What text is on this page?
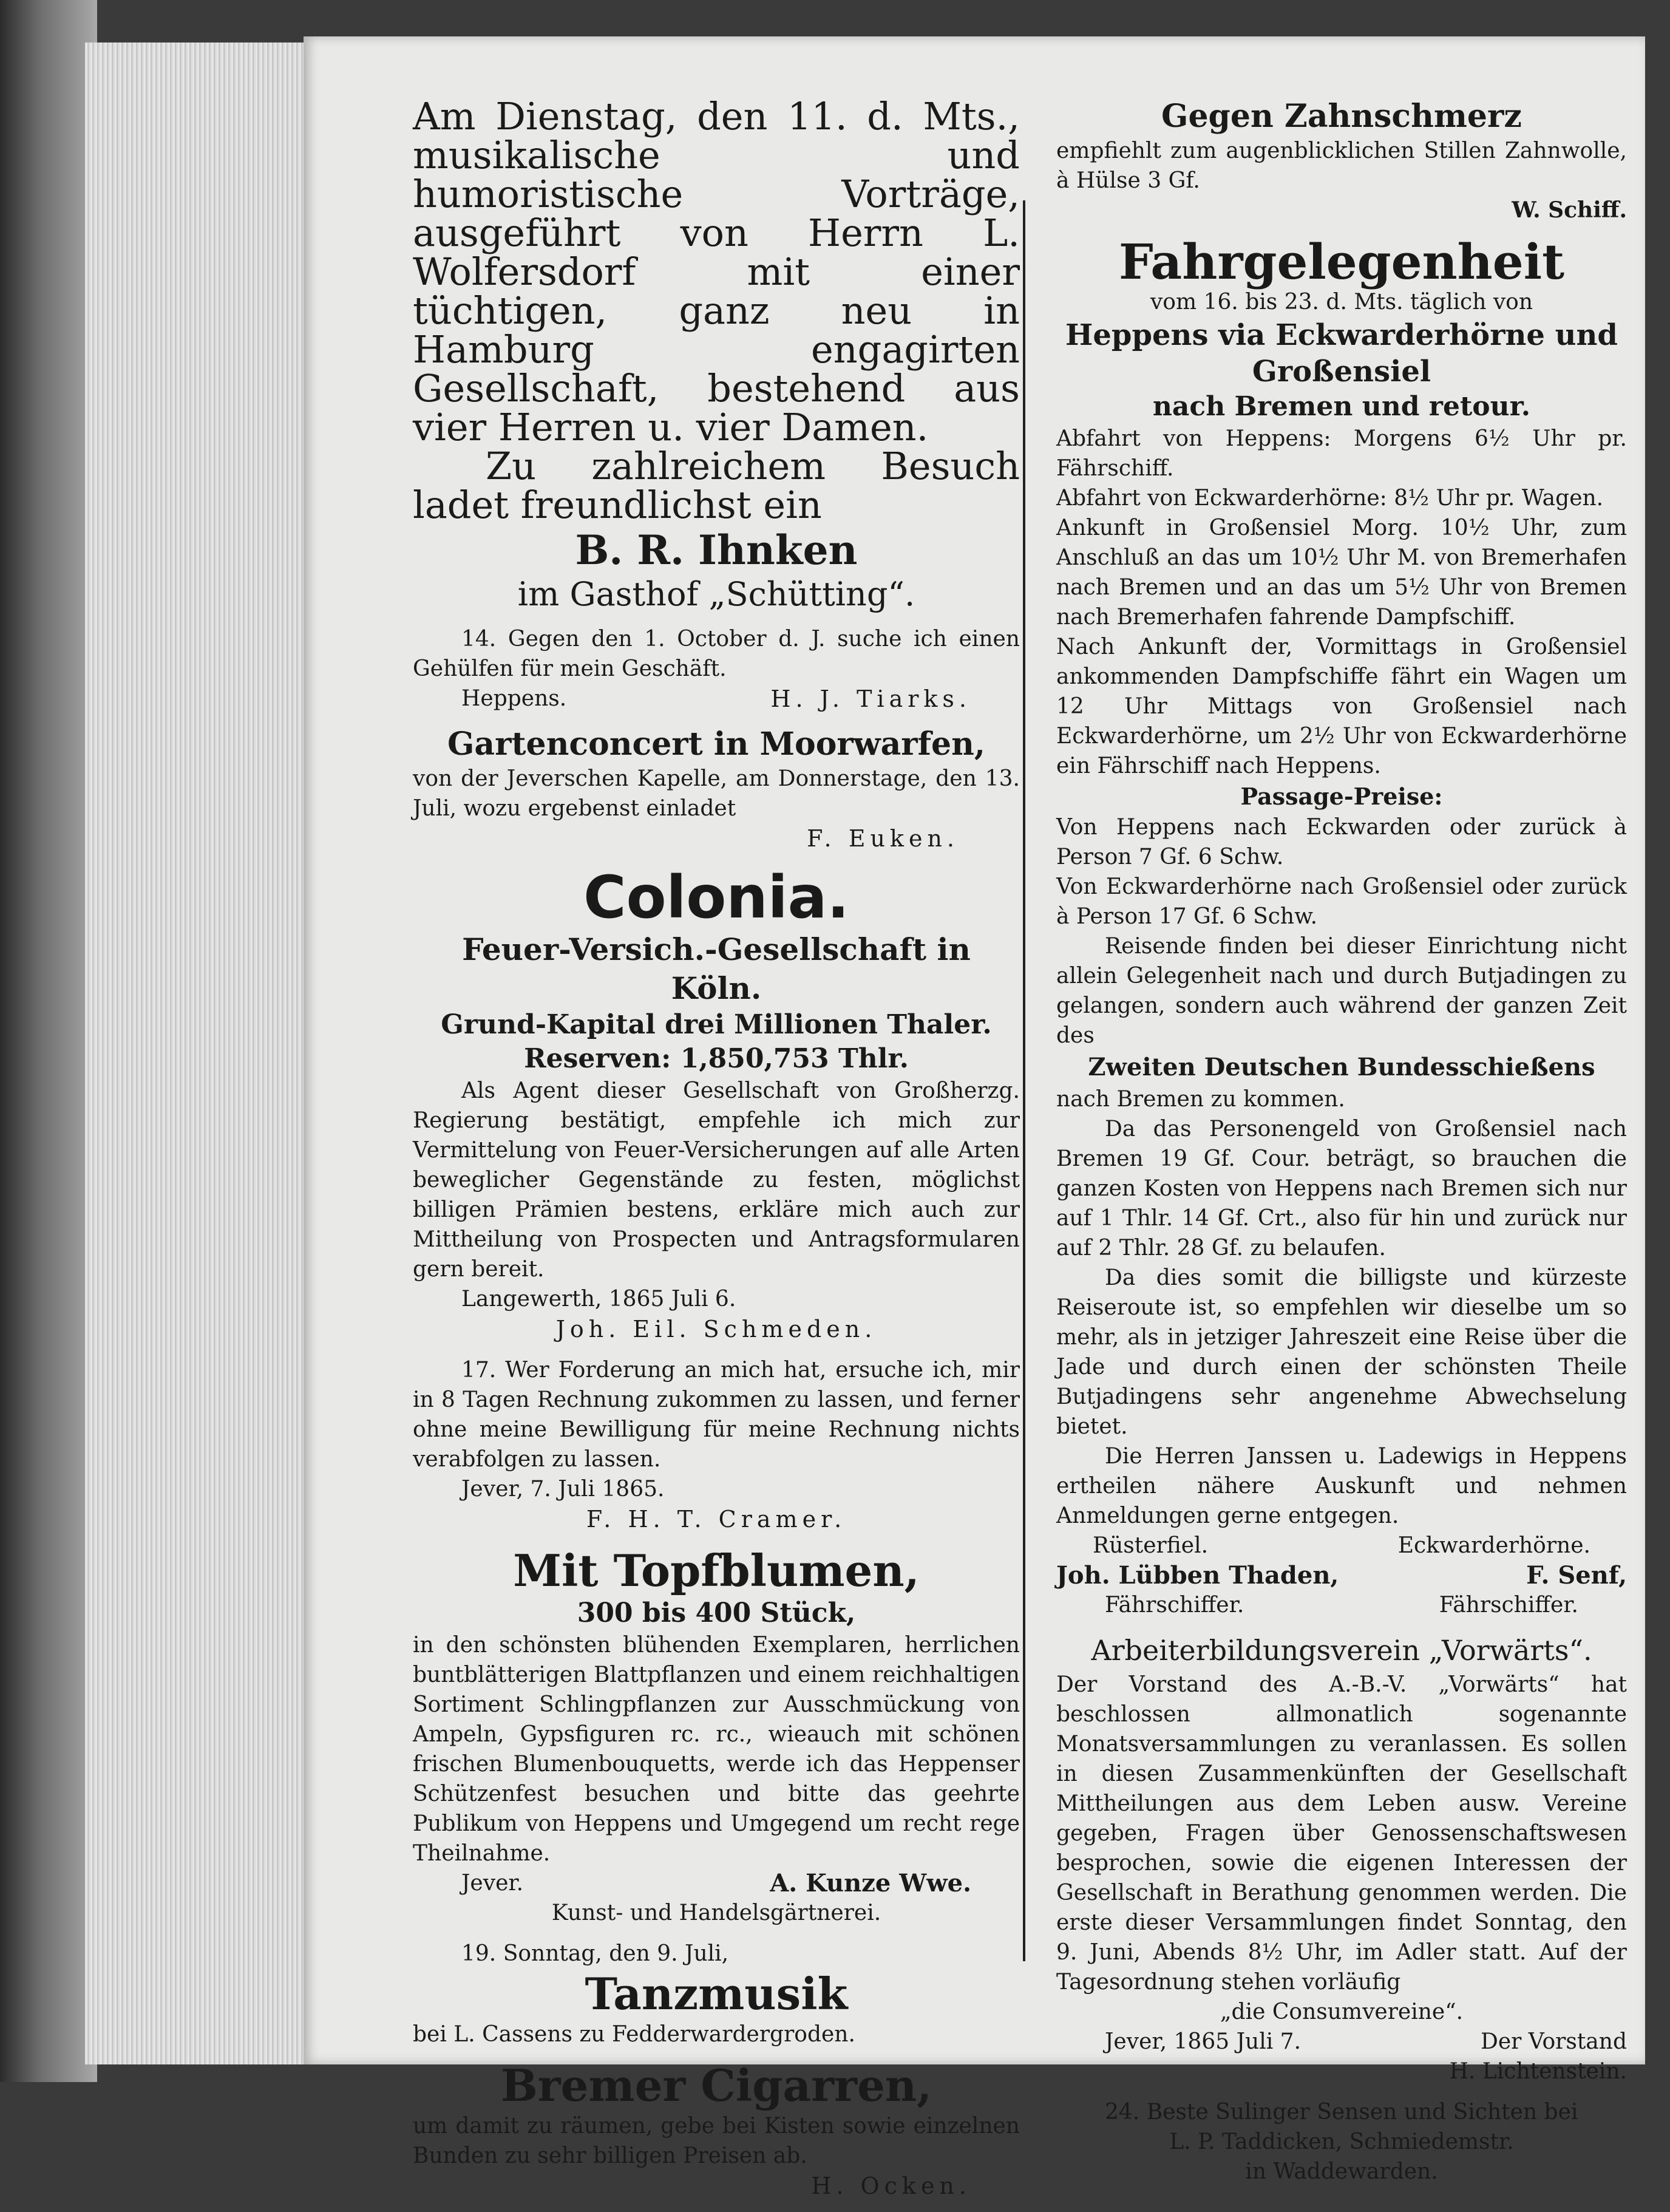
Am Dienstag, den 11. d. Mts., musikalische und humoristische Vorträge, ausgeführt von Herrn L. Wolfersdorf mit einer tüchtigen, ganz neu in Hamburg engagirten Gesellschaft, bestehend aus vier Herren u. vier Damen.

Zu zahlreichem Besuch ladet freundlichst ein

B. R. Ihnken

im Gasthof „Schütting“.

14. Gegen den 1. October d. J. suche ich einen Gehülfen für mein Geschäft.

Heppens.	H. J. Tiarks.

Gartenconcert in Moorwarfen,

von der Jeverschen Kapelle, am Donnerstage, den 13. Juli, wozu ergebenst einladet

F. Euken.

Colonia.

Feuer-Versich.-Gesellschaft in Köln.

Grund-Kapital drei Millionen Thaler.

Reserven: 1,850,753 Thlr.

Als Agent dieser Gesellschaft von Großherzg. Regierung bestätigt, empfehle ich mich zur Vermittelung von Feuer-Versicherungen auf alle Arten beweglicher Gegenstände zu festen, möglichst billigen Prämien bestens, erkläre mich auch zur Mittheilung von Prospecten und Antragsformularen gern bereit.

Langewerth, 1865 Juli 6.

Joh. Eil. Schmeden.

17. Wer Forderung an mich hat, ersuche ich, mir in 8 Tagen Rechnung zukommen zu lassen, und ferner ohne meine Bewilligung für meine Rechnung nichts verabfolgen zu lassen.

Jever, 7. Juli 1865.

F. H. T. Cramer.

Mit Topfblumen,

300 bis 400 Stück,

in den schönsten blühenden Exemplaren, herrlichen buntblätterigen Blattpflanzen und einem reichhaltigen Sortiment Schlingpflanzen zur Ausschmückung von Ampeln, Gypsfiguren rc. rc., wieauch mit schönen frischen Blumenbouquetts, werde ich das Heppenser Schützenfest besuchen und bitte das geehrte Publikum von Heppens und Umgegend um recht rege Theilnahme.

Jever.	A. Kunze Wwe.

Kunst- und Handelsgärtnerei.

19. Sonntag, den 9. Juli,

Tanzmusik

bei L. Cassens zu Fedderwardergroden.

Bremer Cigarren,

um damit zu räumen, gebe bei Kisten sowie einzelnen Bunden zu sehr billigen Preisen ab.

H. Ocken.

Gegen Zahnschmerz

empfiehlt zum augenblicklichen Stillen Zahnwolle, à Hülse 3 Gf.

W. Schiff.

Fahrgelegenheit

vom 16. bis 23. d. Mts. täglich von

Heppens via Eckwarderhörne und Großensiel

nach Bremen und retour.

Abfahrt von Heppens: Morgens 6½ Uhr pr. Fährschiff.

Abfahrt von Eckwarderhörne: 8½ Uhr pr. Wagen.

Ankunft in Großensiel Morg. 10½ Uhr, zum Anschluß an das um 10½ Uhr M. von Bremerhafen nach Bremen und an das um 5½ Uhr von Bremen nach Bremerhafen fahrende Dampfschiff.

Nach Ankunft der, Vormittags in Großensiel ankommenden Dampfschiffe fährt ein Wagen um 12 Uhr Mittags von Großensiel nach Eckwarderhörne, um 2½ Uhr von Eckwarderhörne ein Fährschiff nach Heppens.

Passage-Preise:

Von Heppens nach Eckwarden oder zurück à Person 7 Gf. 6 Schw.

Von Eckwarderhörne nach Großensiel oder zurück à Person 17 Gf. 6 Schw.

Reisende finden bei dieser Einrichtung nicht allein Gelegenheit nach und durch Butjadingen zu gelangen, sondern auch während der ganzen Zeit des

Zweiten Deutschen Bundesschießens

nach Bremen zu kommen.

Da das Personengeld von Großensiel nach Bremen 19 Gf. Cour. beträgt, so brauchen die ganzen Kosten von Heppens nach Bremen sich nur auf 1 Thlr. 14 Gf. Crt., also für hin und zurück nur auf 2 Thlr. 28 Gf. zu belaufen.

Da dies somit die billigste und kürzeste Reiseroute ist, so empfehlen wir dieselbe um so mehr, als in jetziger Jahreszeit eine Reise über die Jade und durch einen der schönsten Theile Butjadingens sehr angenehme Abwechselung bietet.

Die Herren Janssen u. Ladewigs in Heppens ertheilen nähere Auskunft und nehmen Anmeldungen gerne entgegen.

Rüsterfiel.	Eckwarderhörne.
Joh. Lübben Thaden,	F. Senf,
Fährschiffer.	Fährschiffer.

Arbeiterbildungsverein „Vorwärts“.

Der Vorstand des A.-B.-V. „Vorwärts“ hat beschlossen allmonatlich sogenannte Monatsversammlungen zu veranlassen. Es sollen in diesen Zusammenkünften der Gesellschaft Mittheilungen aus dem Leben ausw. Vereine gegeben, Fragen über Genossenschaftswesen besprochen, sowie die eigenen Interessen der Gesellschaft in Berathung genommen werden. Die erste dieser Versammlungen findet Sonntag, den 9. Juni, Abends 8½ Uhr, im Adler statt. Auf der Tagesordnung stehen vorläufig

„die Consumvereine“.

Jever, 1865 Juli 7.	Der Vorstand

H. Lichtenstein.

24. Beste Sulinger Sensen und Sichten bei

L. P. Taddicken, Schmiedemstr.

in Waddewarden.
